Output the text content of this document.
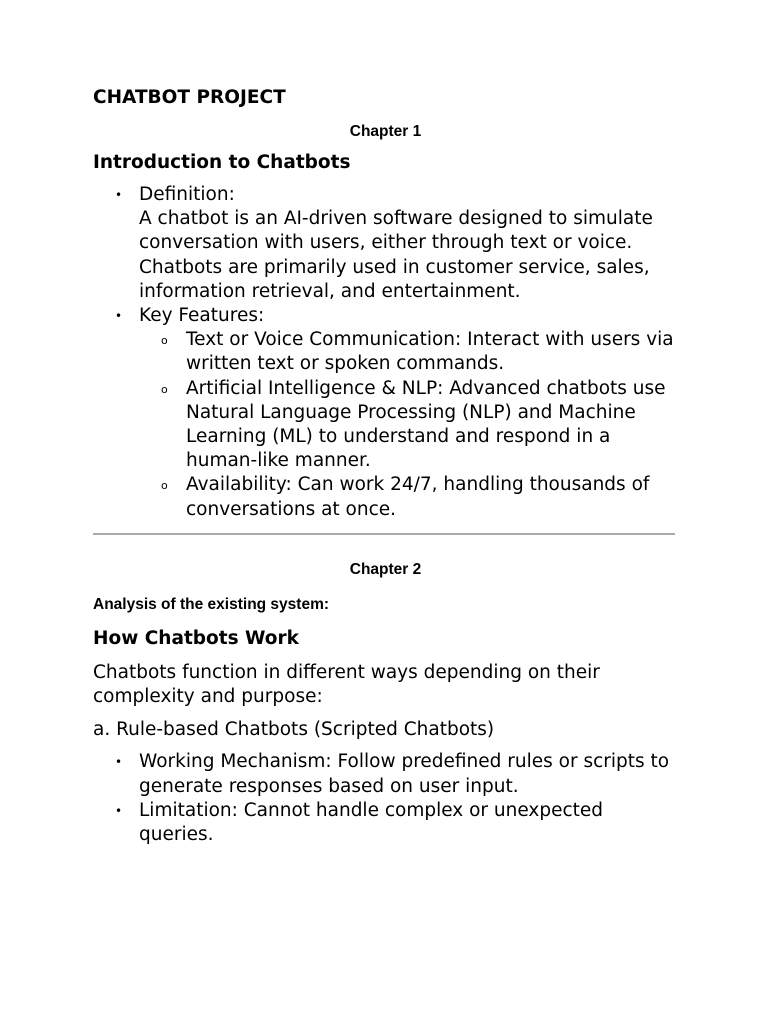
CHATBOT PROJECT

Chapter 1

Introduction to Chatbots
• Definition:
A chatbot is an AI-driven software designed to simulate conversation with users, either through text or voice. Chatbots are primarily used in customer service, sales, information retrieval, and entertainment.
• Key Features:
o Text or Voice Communication: Interact with users via written text or spoken commands.
o Artificial Intelligence & NLP: Advanced chatbots use Natural Language Processing (NLP) and Machine Learning (ML) to understand and respond in a human-like manner.
o Availability: Can work 24/7, handling thousands of conversations at once.

Chapter 2

Analysis of the existing system:

How Chatbots Work

Chatbots function in different ways depending on their complexity and purpose:

a. Rule-based Chatbots (Scripted Chatbots)

• Working Mechanism: Follow predefined rules or scripts to generate responses based on user input.
• Limitation: Cannot handle complex or unexpected queries.
